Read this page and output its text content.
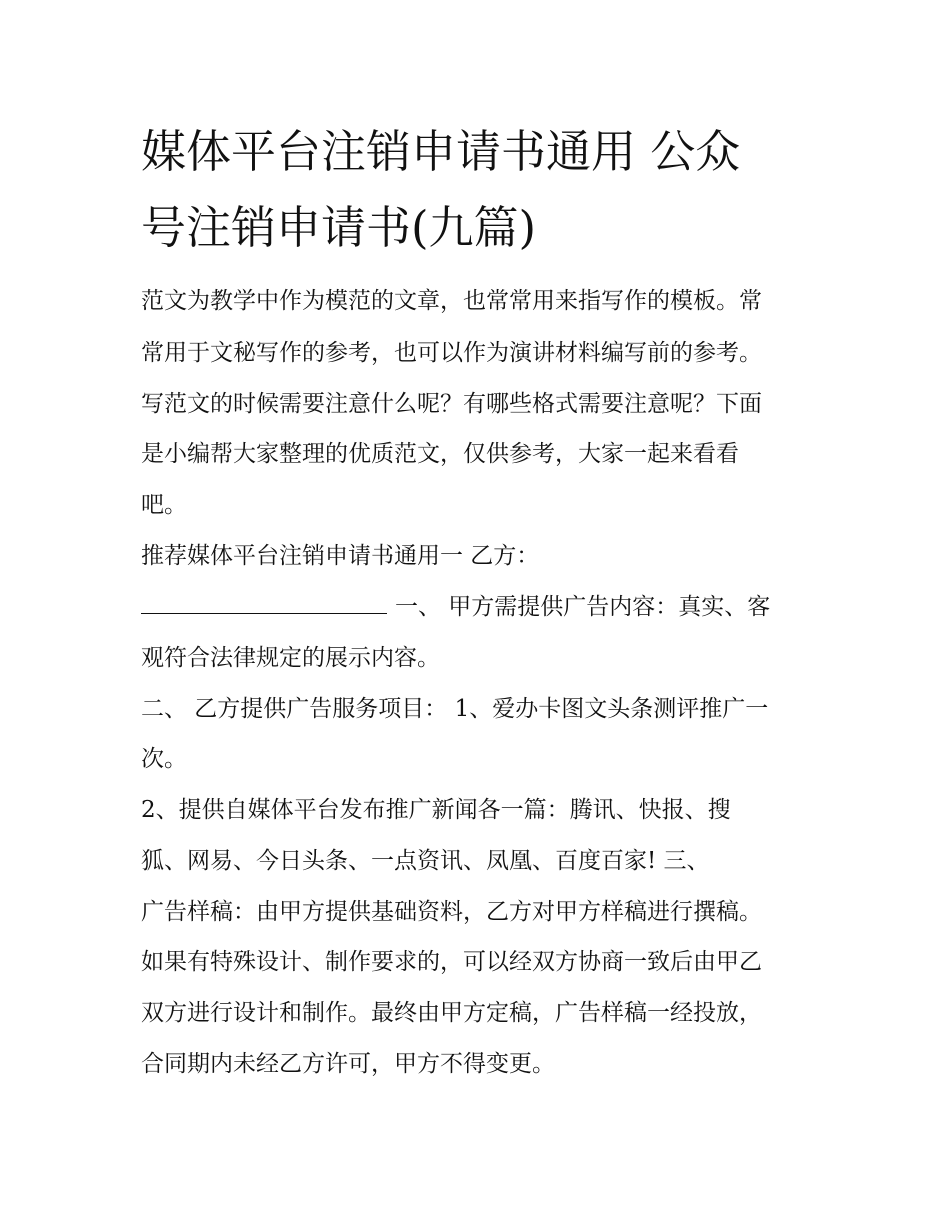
媒体平台注销申请书通用 公众
号注销申请书(九篇)

范文为教学中作为模范的文章，也常常用来指写作的模板。常

常用于文秘写作的参考，也可以作为演讲材料编写前的参考。

写范文的时候需要注意什么呢？有哪些格式需要注意呢？下面

是小编帮大家整理的优质范文，仅供参考，大家一起来看看

吧。

推荐媒体平台注销申请书通用一 乙方：

一、 甲方需提供广告内容：真实、客

观符合法律规定的展示内容。

二、 乙方提供广告服务项目： 1、爱办卡图文头条测评推广一

次。

2、提供自媒体平台发布推广新闻各一篇：腾讯、快报、搜

狐、网易、今日头条、一点资讯、凤凰、百度百家! 三、

广告样稿：由甲方提供基础资料，乙方对甲方样稿进行撰稿。

如果有特殊设计、制作要求的，可以经双方协商一致后由甲乙

双方进行设计和制作。最终由甲方定稿，广告样稿一经投放，

合同期内未经乙方许可，甲方不得变更。
